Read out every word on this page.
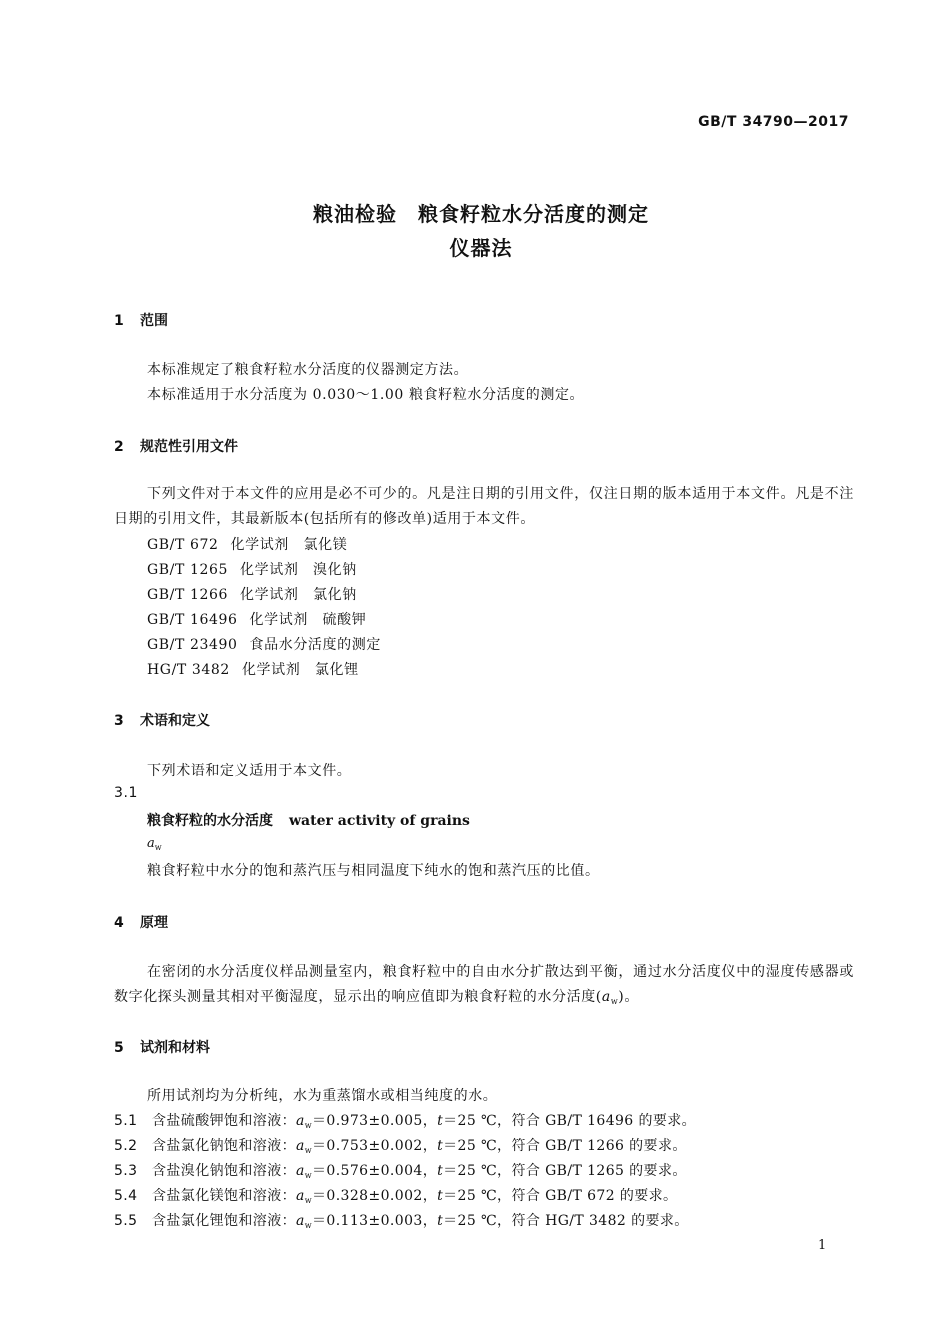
GB/T 34790—2017
粮油检验　粮食籽粒水分活度的测定
仪器法
1 范围
本标准规定了粮食籽粒水分活度的仪器测定方法。
本标准适用于水分活度为 0.030～1.00 粮食籽粒水分活度的测定。
2 规范性引用文件
下列文件对于本文件的应用是必不可少的。凡是注日期的引用文件，仅注日期的版本适用于本文件。凡是不注日期的引用文件，其最新版本(包括所有的修改单)适用于本文件。
GB/T 672 化学试剂　氯化镁
GB/T 1265 化学试剂　溴化钠
GB/T 1266 化学试剂　氯化钠
GB/T 16496 化学试剂　硫酸钾
GB/T 23490 食品水分活度的测定
HG/T 3482 化学试剂　氯化锂
3 术语和定义
下列术语和定义适用于本文件。
3.1
粮食籽粒的水分活度 water activity of grains
$a_w$
粮食籽粒中水分的饱和蒸汽压与相同温度下纯水的饱和蒸汽压的比值。
4 原理
在密闭的水分活度仪样品测量室内，粮食籽粒中的自由水分扩散达到平衡，通过水分活度仪中的湿度传感器或数字化探头测量其相对平衡湿度，显示出的响应值即为粮食籽粒的水分活度$(a_w)$。
5 试剂和材料
所用试剂均为分析纯，水为重蒸馏水或相当纯度的水。
5.1 含盐硫酸钾饱和溶液：$a_w=0.973\pm 0.005$，t＝25 ℃，符合 GB/T 16496 的要求。
5.2 含盐氯化钠饱和溶液：$a_w=0.753\pm 0.002$，t＝25 ℃，符合 GB/T 1266 的要求。
5.3 含盐溴化钠饱和溶液：$a_w=0.576\pm 0.004$，t＝25 ℃，符合 GB/T 1265 的要求。
5.4 含盐氯化镁饱和溶液：$a_w=0.328\pm 0.002$，t＝25 ℃，符合 GB/T 672 的要求。
5.5 含盐氯化锂饱和溶液：$a_w=0.113\pm 0.003$，t＝25 ℃，符合 HG/T 3482 的要求。
1
